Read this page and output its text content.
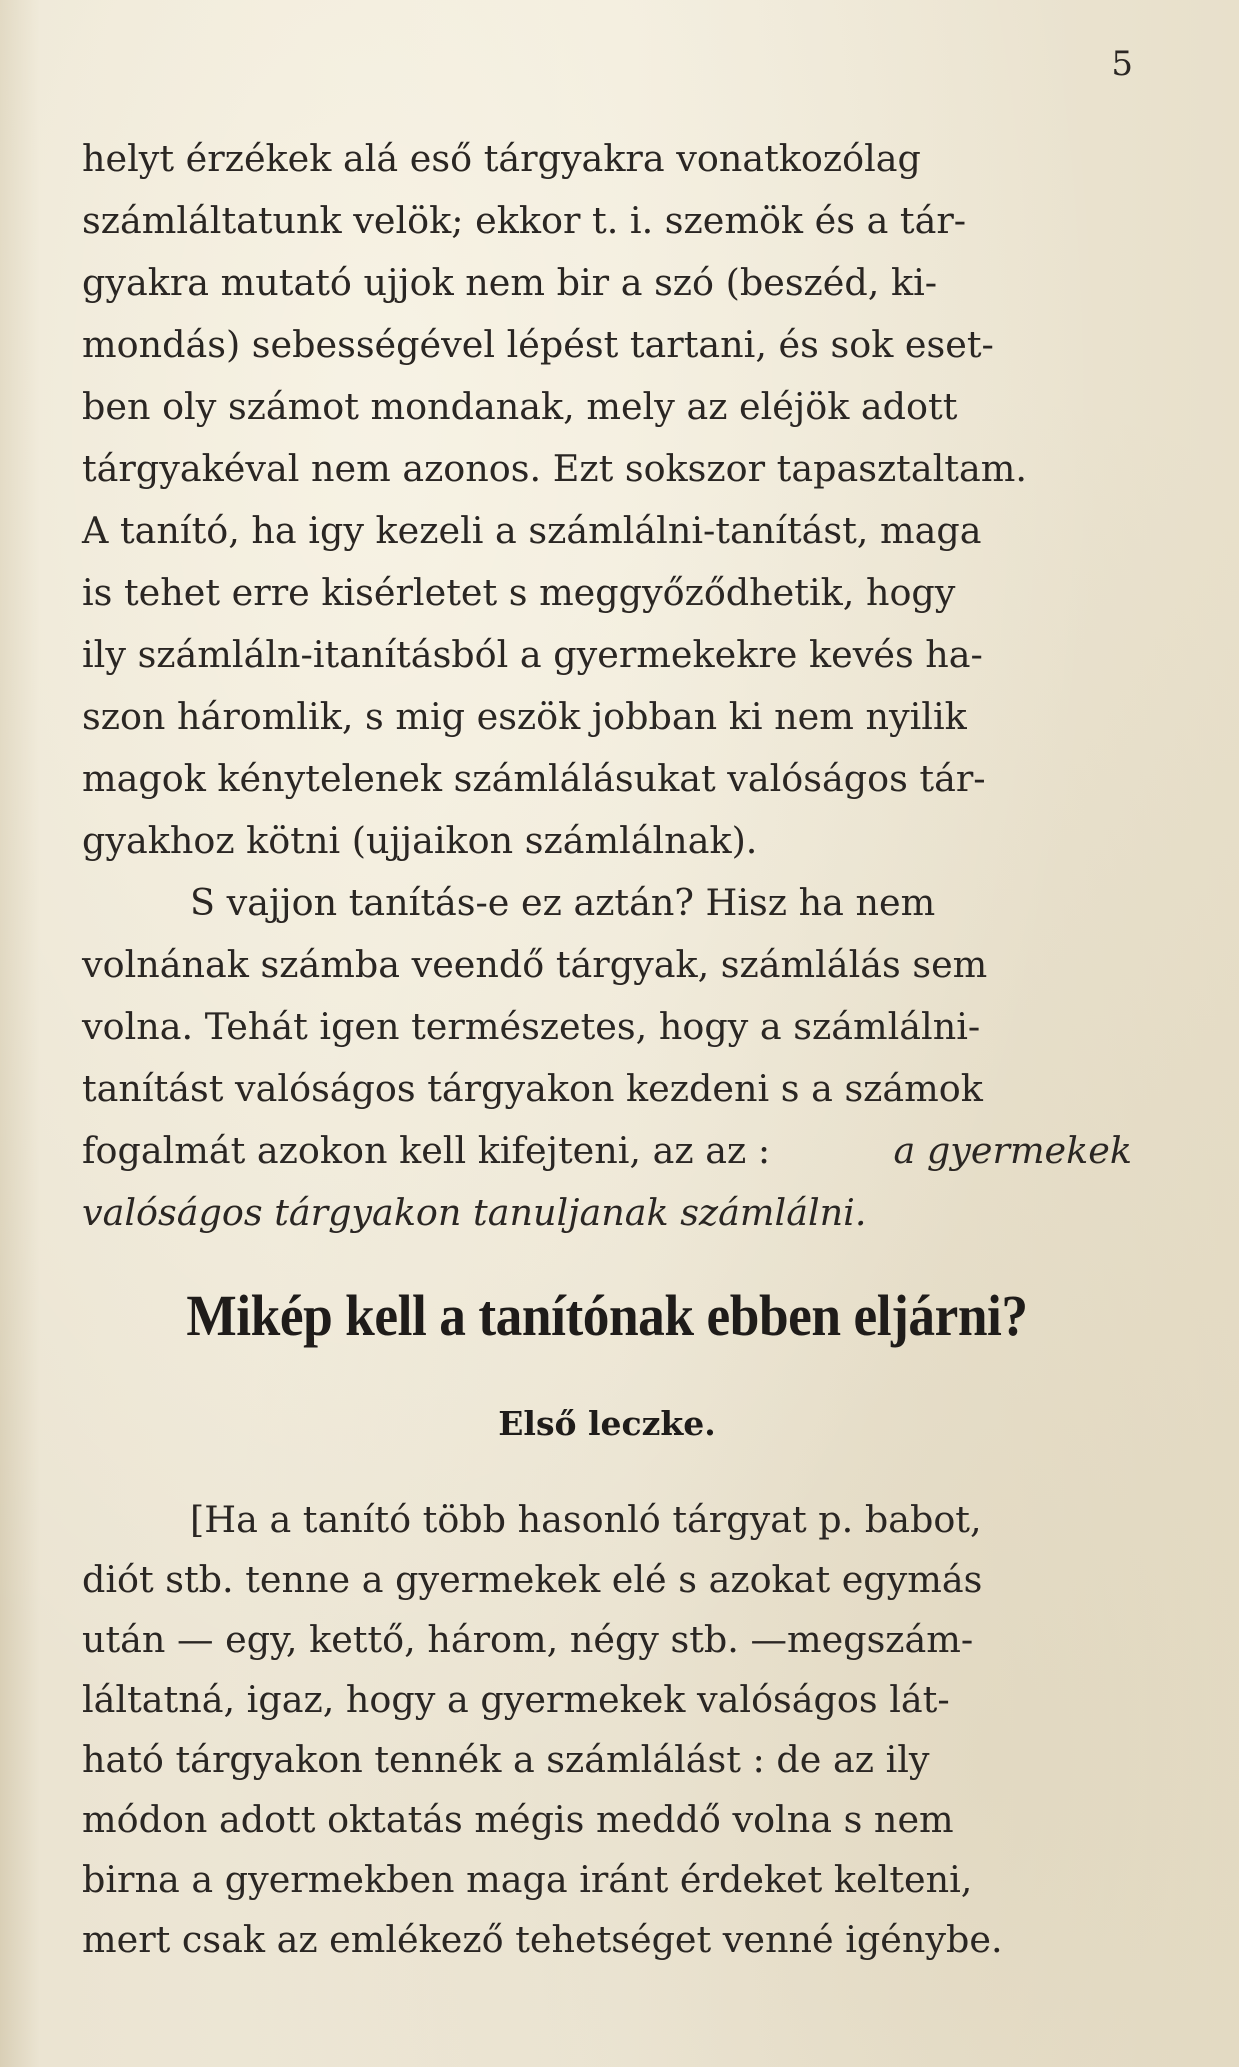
5
helyt érzékek alá eső tárgyakra vonatkozólag
számláltatunk velök; ekkor t. i. szemök és a tár-
gyakra mutató ujjok nem bir a szó (beszéd, ki-
mondás) sebességével lépést tartani, és sok eset-
ben oly számot mondanak, mely az eléjök adott
tárgyakéval nem azonos. Ezt sokszor tapasztaltam.
A tanító, ha igy kezeli a számlálni-tanítást, maga
is tehet erre kisérletet s meggyőződhetik, hogy
ily számláln-itanításból a gyermekekre kevés ha-
szon háromlik, s mig eszök jobban ki nem nyilik
magok kénytelenek számlálásukat valóságos tár-
gyakhoz kötni (ujjaikon számlálnak).
S vajjon tanítás-e ez aztán? Hisz ha nem
volnának számba veendő tárgyak, számlálás sem
volna. Tehát igen természetes, hogy a számlálni-
tanítást valóságos tárgyakon kezdeni s a számok
fogalmát azokon kell kifejteni, az az :	a gyermekek
valóságos tárgyakon tanuljanak számlálni.
Mikép kell a tanítónak ebben eljárni?
Első leczke.
[Ha a tanító több hasonló tárgyat p. babot,
diót stb. tenne a gyermekek elé s azokat egymás
után — egy, kettő, három, négy stb. —megszám-
láltatná, igaz, hogy a gyermekek valóságos lát-
ható tárgyakon tennék a számlálást : de az ily
módon adott oktatás mégis meddő volna s nem
birna a gyermekben maga iránt érdeket kelteni,
mert csak az emlékező tehetséget venné igénybe.
